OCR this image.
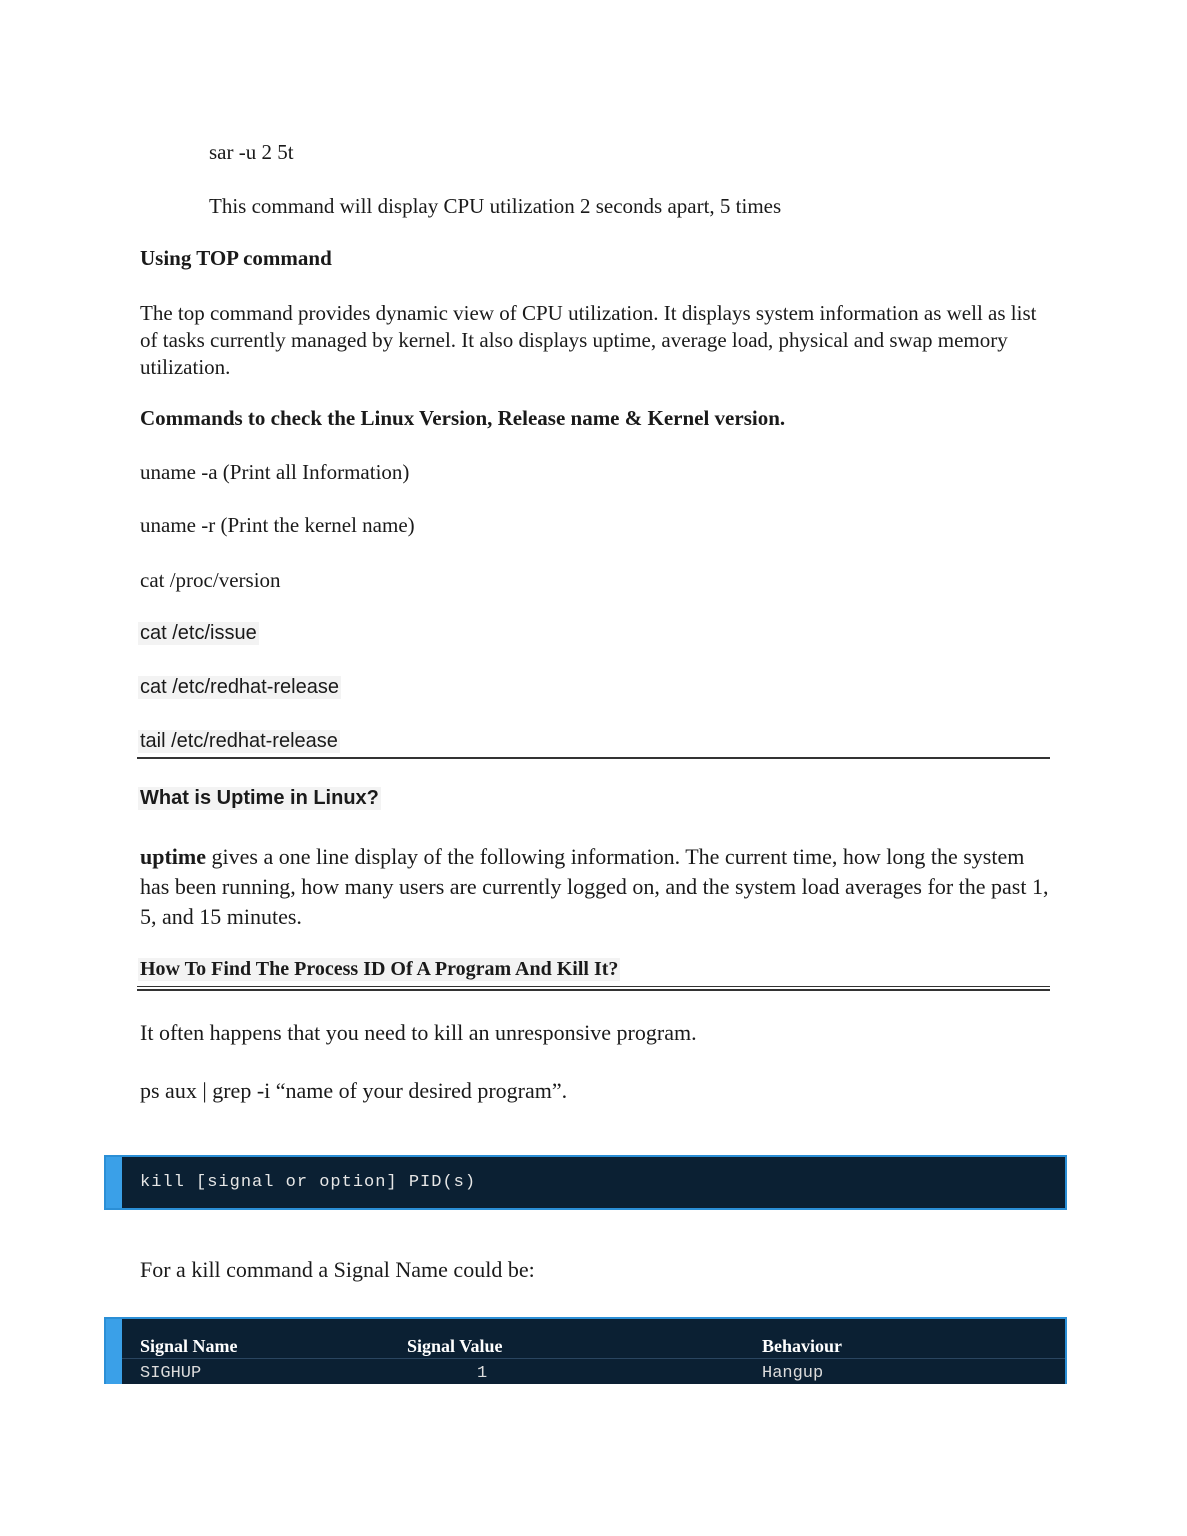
sar -u 2 5t
This command will display CPU utilization 2 seconds apart, 5 times
Using TOP command
The top command provides dynamic view of CPU utilization. It displays system information as well as list of tasks currently managed by kernel. It also displays uptime, average load, physical and swap memory utilization.
Commands to check the Linux Version, Release name & Kernel version.
uname -a (Print all Information)
uname -r (Print the kernel name)
cat /proc/version
cat /etc/issue
cat /etc/redhat-release
tail /etc/redhat-release
What is Uptime in Linux?
uptime gives a one line display of the following information. The current time, how long the system has been running, how many users are currently logged on, and the system load averages for the past 1, 5, and 15 minutes.
How To Find The Process ID Of A Program And Kill It?
It often happens that you need to kill an unresponsive program.
ps aux | grep -i “name of your desired program”.
kill [signal or option] PID(s)
For a kill command a Signal Name could be:
Signal Name	Signal Value	Behaviour
SIGHUP	1	Hangup
